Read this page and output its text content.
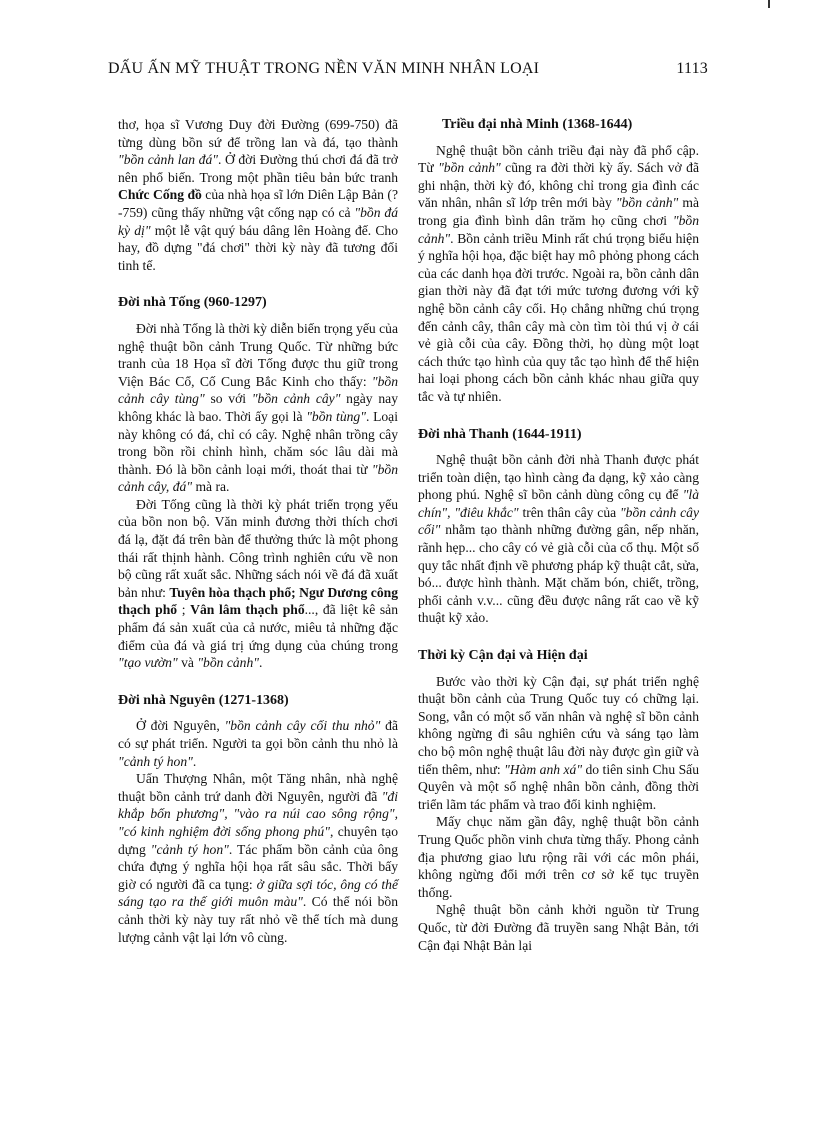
DẤU ẤN MỸ THUẬT TRONG NỀN VĂN MINH NHÂN LOẠI	1113

thơ, họa sĩ Vương Duy đời Đường (699-750) đã từng dùng bồn sứ để trồng lan và đá, tạo thành "bồn cảnh lan đá". Ở đời Đường thú chơi đá đã trở nên phổ biến. Trong một phần tiêu bản bức tranh Chức Cống đồ của nhà họa sĩ lớn Diên Lập Bản (?-759) cũng thấy những vật cống nạp có cả "bồn đá kỳ dị" một lễ vật quý báu dâng lên Hoàng đế. Cho hay, đồ dựng "đá chơi" thời kỳ này đã tương đối tinh tế.

Đời nhà Tống (960-1297)

Đời nhà Tống là thời kỳ diễn biến trọng yếu của nghệ thuật bồn cảnh Trung Quốc. Từ những bức tranh của 18 Họa sĩ đời Tống được thu giữ trong Viện Bác Cổ, Cố Cung Bắc Kinh cho thấy: "bồn cảnh cây tùng" so với "bồn cảnh cây" ngày nay không khác là bao. Thời ấy gọi là "bồn tùng". Loại này không có đá, chỉ có cây. Nghệ nhân trồng cây trong bồn rồi chỉnh hình, chăm sóc lâu dài mà thành. Đó là bồn cảnh loại mới, thoát thai từ "bồn cảnh cây, đá" mà ra.

Đời Tống cũng là thời kỳ phát triển trọng yếu của bồn non bộ. Văn minh đương thời thích chơi đá lạ, đặt đá trên bàn để thưởng thức là một phong thái rất thịnh hành. Công trình nghiên cứu về non bộ cũng rất xuất sắc. Những sách nói về đá đã xuất bản như: Tuyên hòa thạch phổ; Ngư Dương công thạch phổ ; Vân lâm thạch phổ..., đã liệt kê sản phẩm đá sản xuất của cả nước, miêu tả những đặc điểm của đá và giá trị ứng dụng của chúng trong "tạo vườn" và "bồn cảnh".

Đời nhà Nguyên (1271-1368)

Ở đời Nguyên, "bồn cảnh cây cối thu nhỏ" đã có sự phát triển. Người ta gọi bồn cảnh thu nhỏ là "cảnh tý hon".

Uẩn Thượng Nhân, một Tăng nhân, nhà nghệ thuật bồn cảnh trứ danh đời Nguyên, người đã "đi khắp bốn phương", "vào ra núi cao sông rộng", "có kinh nghiệm đời sống phong phú", chuyên tạo dựng "cảnh tý hon". Tác phẩm bồn cảnh của ông chứa đựng ý nghĩa hội họa rất sâu sắc. Thời bấy giờ có người đã ca tụng: ở giữa sợi tóc, ông có thể sáng tạo ra thế giới muôn màu". Có thể nói bồn cảnh thời kỳ này tuy rất nhỏ về thể tích mà dung lượng cảnh vật lại lớn vô cùng.

Triều đại nhà Minh (1368-1644)

Nghệ thuật bồn cảnh triều đại này đã phổ cập. Từ "bồn cảnh" cũng ra đời thời kỳ ấy. Sách vở đã ghi nhận, thời kỳ đó, không chỉ trong gia đình các văn nhân, nhân sĩ lớp trên mới bày "bồn cảnh" mà trong gia đình bình dân trăm họ cũng chơi "bồn cảnh". Bồn cảnh triều Minh rất chú trọng biểu hiện ý nghĩa hội họa, đặc biệt hay mô phỏng phong cách của các danh họa đời trước. Ngoài ra, bồn cảnh dân gian thời này đã đạt tới mức tương đương với kỹ nghệ bồn cảnh cây cối. Họ chẳng những chú trọng đến cảnh cây, thân cây mà còn tìm tòi thú vị ở cái vẻ già cỗi của cây. Đồng thời, họ dùng một loạt cách thức tạo hình của quy tắc tạo hình để thể hiện hai loại phong cách bồn cảnh khác nhau giữa quy tắc và tự nhiên.

Đời nhà Thanh (1644-1911)

Nghệ thuật bồn cảnh đời nhà Thanh được phát triển toàn diện, tạo hình càng đa dạng, kỹ xảo càng phong phú. Nghệ sĩ bồn cảnh dùng công cụ để "là chín", "điêu khắc" trên thân cây của "bồn cảnh cây cối" nhằm tạo thành những đường gân, nếp nhăn, rãnh hẹp... cho cây có vẻ già cỗi của cổ thụ. Một số quy tắc nhất định về phương pháp kỹ thuật cắt, sửa, bó... được hình thành. Mặt chăm bón, chiết, trồng, phối cảnh v.v... cũng đều được nâng rất cao về kỹ thuật kỹ xảo.

Thời kỳ Cận đại và Hiện đại

Bước vào thời kỳ Cận đại, sự phát triển nghệ thuật bồn cảnh của Trung Quốc tuy có chững lại. Song, vẫn có một số văn nhân và nghệ sĩ bồn cảnh không ngừng đi sâu nghiên cứu và sáng tạo làm cho bộ môn nghệ thuật lâu đời này được gìn giữ và tiến thêm, như: "Hàm anh xá" do tiên sinh Chu Sấu Quyên và một số nghệ nhân bồn cảnh, đồng thời triển lãm tác phẩm và trao đổi kinh nghiệm.

Mấy chục năm gần đây, nghệ thuật bồn cảnh Trung Quốc phồn vinh chưa từng thấy. Phong cảnh địa phương giao lưu rộng rãi với các môn phái, không ngừng đổi mới trên cơ sở kế tục truyền thống.

Nghệ thuật bồn cảnh khởi nguồn từ Trung Quốc, từ đời Đường đã truyền sang Nhật Bản, tới Cận đại Nhật Bản lại
